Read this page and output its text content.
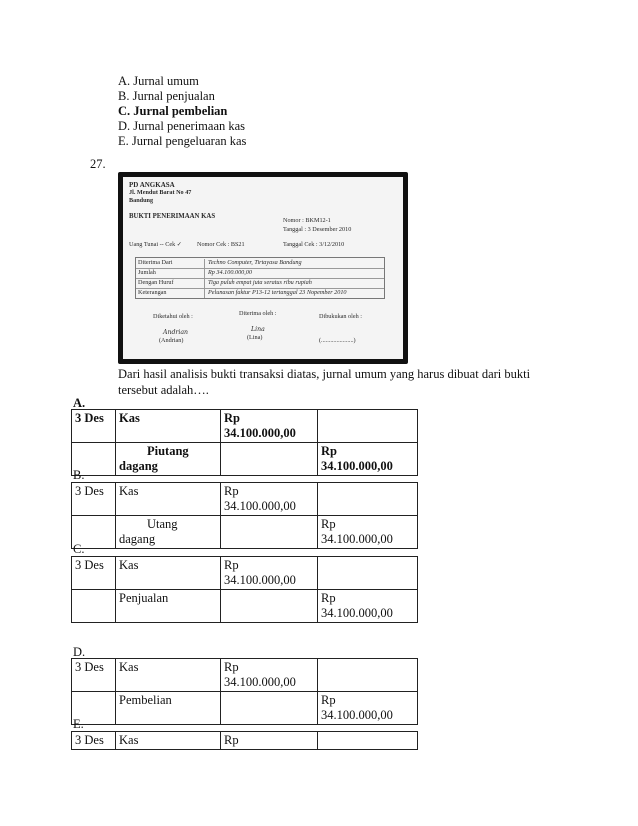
A. Jurnal umum
B. Jurnal penjualan
C. Jurnal pembelian
D. Jurnal penerimaan kas
E. Jurnal pengeluaran kas
27.
PD ANGKASA
Jl. Mendut Barat No 47
Bandung
BUKTI PENERIMAAN KAS
Nomor : BKM12-1
Tanggal : 3 Desember 2010
Uang Tunai -- Cek ✓ Nomor Cek : BS21	Tanggal Cek : 3/12/2010
Diterima Dari	Techno Computer, Tirtayasa Bandung
Jumlah	Rp 34.100.000,00
Dengan Huruf	Tiga puluh empat juta seratus ribu rupiah
Keterangan	Pelunasan faktur P13-12 tertanggal 23 Nopember 2010
Diketahui oleh :	Diterima oleh :	Dibukukan oleh :
Andrian	Lina
(Andrian)	(Lina)	(.....................)
Dari hasil analisis bukti transaksi diatas, jurnal umum yang harus dibuat dari bukti
tersebut adalah….
A.
3 Des	Kas	Rp
34.100.000,00	

	Piutang
dagang		Rp
34.100.000,00
B.
3 Des	Kas	Rp
34.100.000,00	

	Utang
dagang		Rp
34.100.000,00
C.
3 Des	Kas	Rp
34.100.000,00	
	Penjualan		Rp
34.100.000,00
D.
3 Des	Kas	Rp
34.100.000,00	
	Pembelian		Rp
34.100.000,00
E.
3 Des	Kas	Rp	
